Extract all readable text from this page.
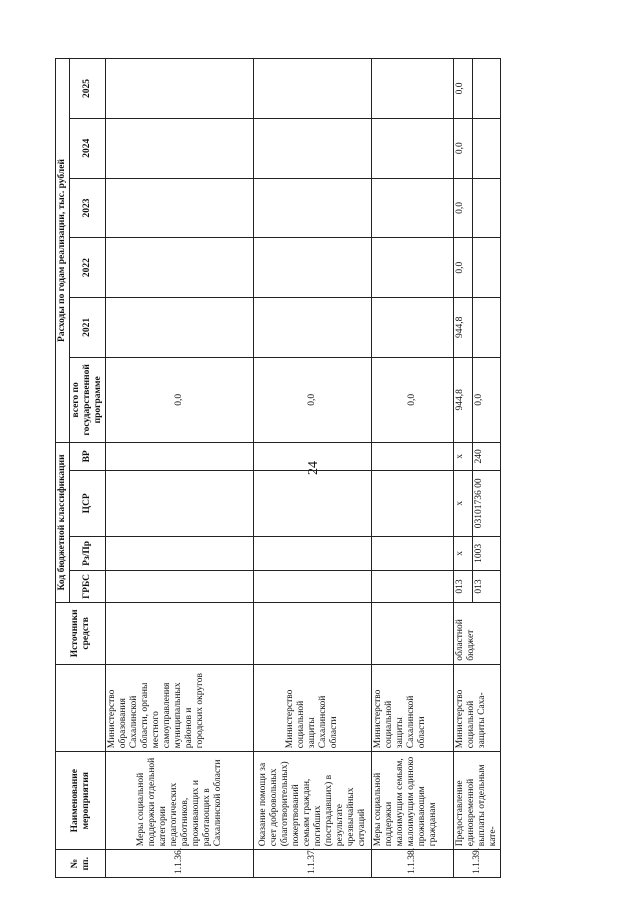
24
№ пп.	Наименование мероприятия		Источники средств	Код бюджетной классификации				Расходы по годам реализации, тыс. рублей					
				ГРБС	Рз/Пр	ЦСР	ВР	всего по государственной программе	2021	2022	2023	2024	2025
1.1.36.	Меры социальной поддержки отдельной категории педагогических работников, проживающих и работающих в Сахалинской области	Министерство образования Сахалинской области, органы местного самоуправления муниципальных районов и городских округов						0,0					
1.1.37.	Оказание помощи за счет добровольных (благотворительных) пожертвований семьям граждан, погибших (пострадавших) в результате чрезвычайных ситуаций	Министерство социальной защиты Сахалинской области						0,0					
1.1.38.	Меры социальной поддержки малоимущим семьям, малоимущим одиноко проживающим гражданам	Министерство социальной защиты Сахалинской области						0,0					
1.1.39.	Предоставление единовременной выплаты отдельным кате-	Министерство социальной защиты Саха-	областной бюджет	013	x	x	x	944,8	944,8	0,0	0,0	0,0	0,0
				013	1003	03101736 00	240	0,0					
